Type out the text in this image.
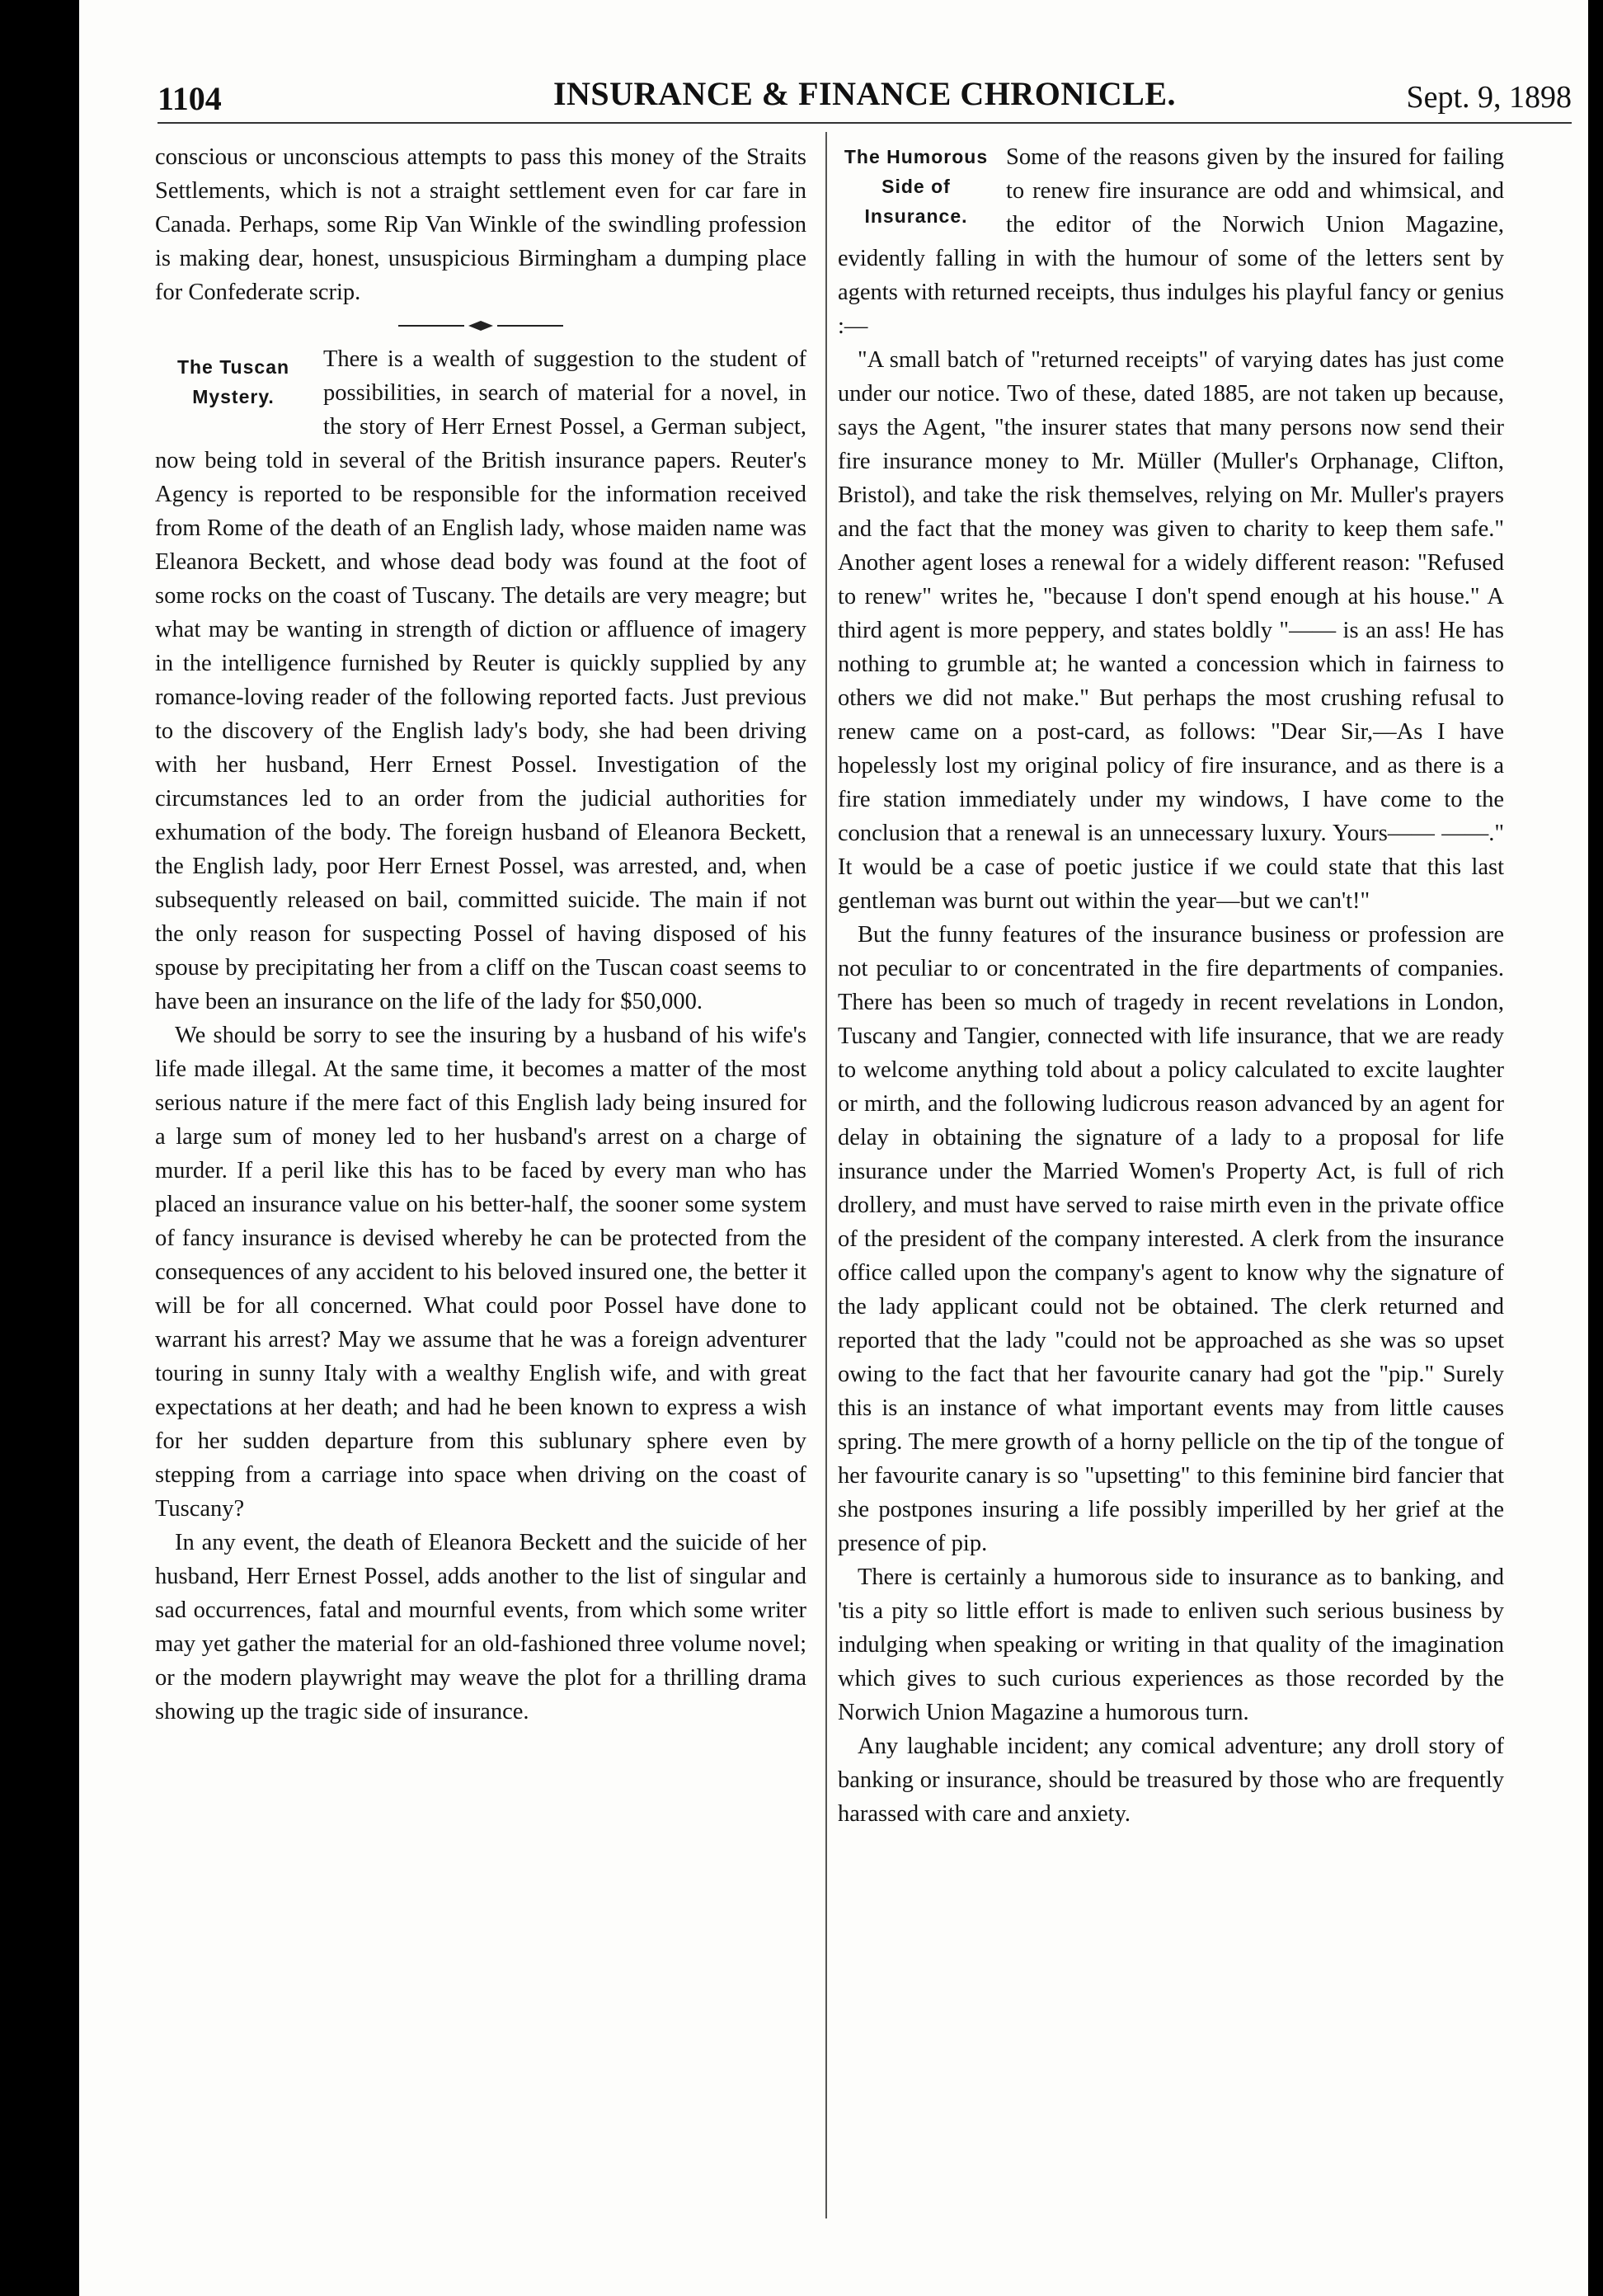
1104	INSURANCE & FINANCE CHRONICLE.	Sept. 9, 1898

conscious or unconscious attempts to pass this money of the Straits Settlements, which is not a straight settlement even for car fare in Canada. Perhaps, some Rip Van Winkle of the swindling profession is making dear, honest, unsuspicious Birmingham a dumping place for Confederate scrip.

The Tuscan Mystery.

There is a wealth of suggestion to the student of possibilities, in search of material for a novel, in the story of Herr Ernest Possel, a German subject, now being told in several of the British insurance papers. Reuter's Agency is reported to be responsible for the information received from Rome of the death of an English lady, whose maiden name was Eleanora Beckett, and whose dead body was found at the foot of some rocks on the coast of Tuscany. The details are very meagre; but what may be wanting in strength of diction or affluence of imagery in the intelligence furnished by Reuter is quickly supplied by any romance-loving reader of the following reported facts. Just previous to the discovery of the English lady's body, she had been driving with her husband, Herr Ernest Possel. Investigation of the circumstances led to an order from the judicial authorities for exhumation of the body. The foreign husband of Eleanora Beckett, the English lady, poor Herr Ernest Possel, was arrested, and, when subsequently released on bail, committed suicide. The main if not the only reason for suspecting Possel of having disposed of his spouse by precipitating her from a cliff on the Tuscan coast seems to have been an insurance on the life of the lady for $50,000.

We should be sorry to see the insuring by a husband of his wife's life made illegal. At the same time, it becomes a matter of the most serious nature if the mere fact of this English lady being insured for a large sum of money led to her husband's arrest on a charge of murder. If a peril like this has to be faced by every man who has placed an insurance value on his better-half, the sooner some system of fancy insurance is devised whereby he can be protected from the consequences of any accident to his beloved insured one, the better it will be for all concerned. What could poor Possel have done to warrant his arrest? May we assume that he was a foreign adventurer touring in sunny Italy with a wealthy English wife, and with great expectations at her death; and had he been known to express a wish for her sudden departure from this sublunary sphere even by stepping from a carriage into space when driving on the coast of Tuscany?

In any event, the death of Eleanora Beckett and the suicide of her husband, Herr Ernest Possel, adds another to the list of singular and sad occurrences, fatal and mournful events, from which some writer may yet gather the material for an old-fashioned three volume novel; or the modern playwright may weave the plot for a thrilling drama showing up the tragic side of insurance.

The Humorous Side of Insurance.

Some of the reasons given by the insured for failing to renew fire insurance are odd and whimsical, and the editor of the Norwich Union Magazine, evidently falling in with the humour of some of the letters sent by agents with returned receipts, thus indulges his playful fancy or genius :—

"A small batch of "returned receipts" of varying dates has just come under our notice. Two of these, dated 1885, are not taken up because, says the Agent, "the insurer states that many persons now send their fire insurance money to Mr. Müller (Muller's Orphanage, Clifton, Bristol), and take the risk themselves, relying on Mr. Muller's prayers and the fact that the money was given to charity to keep them safe." Another agent loses a renewal for a widely different reason: "Refused to renew" writes he, "because I don't spend enough at his house." A third agent is more peppery, and states boldly "—— is an ass! He has nothing to grumble at; he wanted a concession which in fairness to others we did not make." But perhaps the most crushing refusal to renew came on a post-card, as follows: "Dear Sir,—As I have hopelessly lost my original policy of fire insurance, and as there is a fire station immediately under my windows, I have come to the conclusion that a renewal is an unnecessary luxury. Yours—— ——." It would be a case of poetic justice if we could state that this last gentleman was burnt out within the year—but we can't!"

But the funny features of the insurance business or profession are not peculiar to or concentrated in the fire departments of companies. There has been so much of tragedy in recent revelations in London, Tuscany and Tangier, connected with life insurance, that we are ready to welcome anything told about a policy calculated to excite laughter or mirth, and the following ludicrous reason advanced by an agent for delay in obtaining the signature of a lady to a proposal for life insurance under the Married Women's Property Act, is full of rich drollery, and must have served to raise mirth even in the private office of the president of the company interested. A clerk from the insurance office called upon the company's agent to know why the signature of the lady applicant could not be obtained. The clerk returned and reported that the lady "could not be approached as she was so upset owing to the fact that her favourite canary had got the "pip." Surely this is an instance of what important events may from little causes spring. The mere growth of a horny pellicle on the tip of the tongue of her favourite canary is so "upsetting" to this feminine bird fancier that she postpones insuring a life possibly imperilled by her grief at the presence of pip.

There is certainly a humorous side to insurance as to banking, and 'tis a pity so little effort is made to enliven such serious business by indulging when speaking or writing in that quality of the imagination which gives to such curious experiences as those recorded by the Norwich Union Magazine a humorous turn.

Any laughable incident; any comical adventure; any droll story of banking or insurance, should be treasured by those who are frequently harassed with care and anxiety.
